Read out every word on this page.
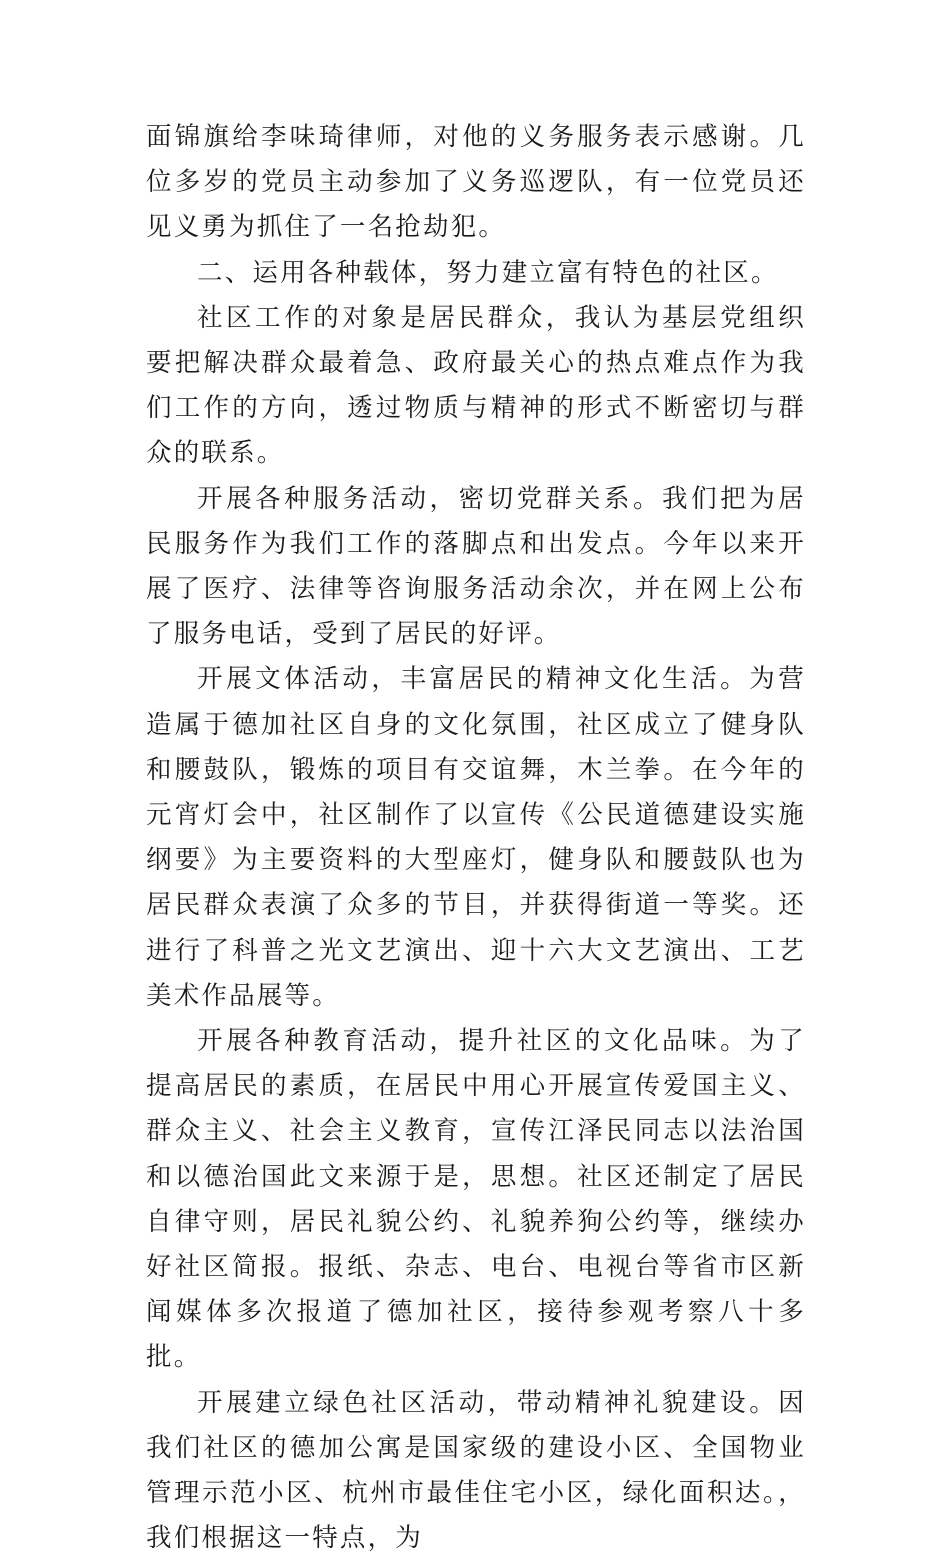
面锦旗给李味琦律师，对他的义务服务表示感谢。几位多岁的党员主动参加了义务巡逻队，有一位党员还见义勇为抓住了一名抢劫犯。

二、运用各种载体，努力建立富有特色的社区。

社区工作的对象是居民群众，我认为基层党组织要把解决群众最着急、政府最关心的热点难点作为我们工作的方向，透过物质与精神的形式不断密切与群众的联系。

开展各种服务活动，密切党群关系。我们把为居民服务作为我们工作的落脚点和出发点。今年以来开展了医疗、法律等咨询服务活动余次，并在网上公布了服务电话，受到了居民的好评。

开展文体活动，丰富居民的精神文化生活。为营造属于德加社区自身的文化氛围，社区成立了健身队和腰鼓队，锻炼的项目有交谊舞，木兰拳。在今年的元宵灯会中，社区制作了以宣传《公民道德建设实施纲要》为主要资料的大型座灯，健身队和腰鼓队也为居民群众表演了众多的节目，并获得街道一等奖。还进行了科普之光文艺演出、迎十六大文艺演出、工艺美术作品展等。

开展各种教育活动，提升社区的文化品味。为了提高居民的素质，在居民中用心开展宣传爱国主义、群众主义、社会主义教育，宣传江泽民同志以法治国和以德治国此文来源于是，思想。社区还制定了居民自律守则，居民礼貌公约、礼貌养狗公约等，继续办好社区简报。报纸、杂志、电台、电视台等省市区新闻媒体多次报道了德加社区，接待参观考察八十多批。

开展建立绿色社区活动，带动精神礼貌建设。因我们社区的德加公寓是国家级的建设小区、全国物业管理示范小区、杭州市最佳住宅小区，绿化面积达。，我们根据这一特点，为
